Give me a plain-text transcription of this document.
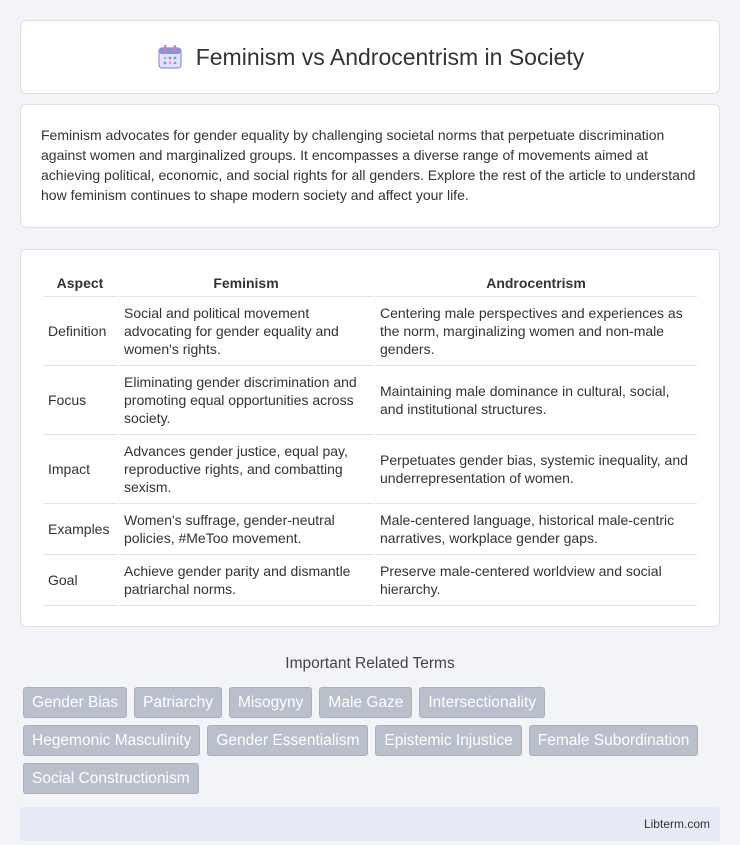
Feminism vs Androcentrism in Society

Feminism advocates for gender equality by challenging societal norms that perpetuate discrimination against women and marginalized groups. It encompasses a diverse range of movements aimed at achieving political, economic, and social rights for all genders. Explore the rest of the article to understand how feminism continues to shape modern society and affect your life.

Aspect	Feminism	Androcentrism
Definition	Social and political movement advocating for gender equality and women's rights.	Centering male perspectives and experiences as the norm, marginalizing women and non-male genders.
Focus	Eliminating gender discrimination and promoting equal opportunities across society.	Maintaining male dominance in cultural, social, and institutional structures.
Impact	Advances gender justice, equal pay, reproductive rights, and combatting sexism.	Perpetuates gender bias, systemic inequality, and underrepresentation of women.
Examples	Women's suffrage, gender-neutral policies, #MeToo movement.	Male-centered language, historical male-centric narratives, workplace gender gaps.
Goal	Achieve gender parity and dismantle patriarchal norms.	Preserve male-centered worldview and social hierarchy.
Important Related Terms
Gender Bias	Patriarchy	Misogyny	Male Gaze	Intersectionality
Hegemonic Masculinity	Gender Essentialism	Epistemic Injustice	Female Subordination
Social Constructionism
Libterm.com
